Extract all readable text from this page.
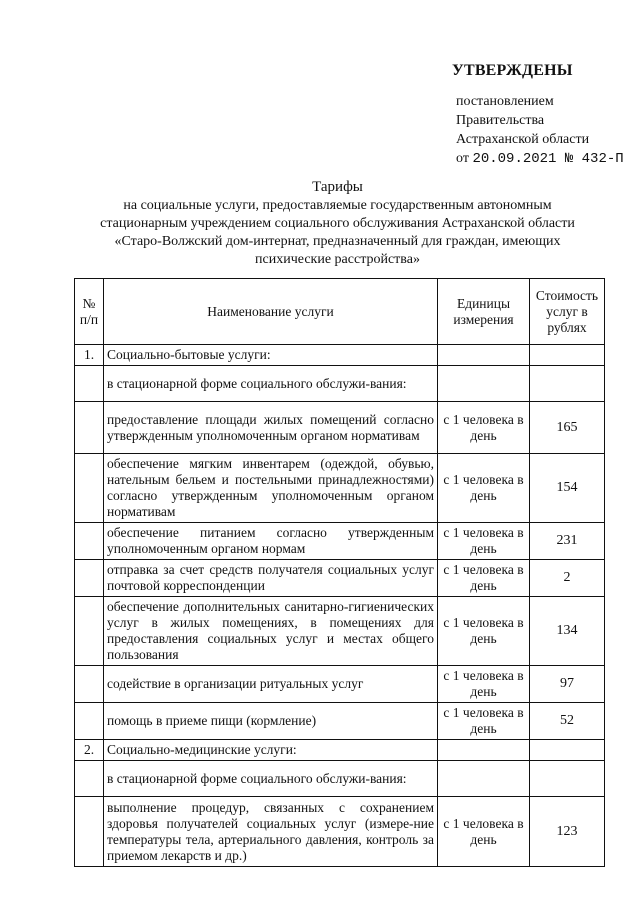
УТВЕРЖДЕНЫ
постановлением
Правительства
Астраханской области
от 20.09.2021 № 432-П
Тарифы
на социальные услуги, предоставляемые государственным автономным
стационарным учреждением социального обслуживания Астраханской области
«Старо-Волжский дом-интернат, предназначенный для граждан, имеющих
психические расстройства»
№ п/п	Наименование услуги	Единицы измерения	Стоимость услуг в рублях
1.	Социально-бытовые услуги:		
	в стационарной форме социального обслужи-вания:		
	предоставление площади жилых помещений согласно утвержденным уполномоченным органом нормативам	с 1 человека в день	165
	обеспечение мягким инвентарем (одеждой, обувью, нательным бельем и постельными принадлежностями) согласно утвержденным уполномоченным органом нормативам	с 1 человека в день	154
	обеспечение питанием согласно утвержденным уполномоченным органом нормам	с 1 человека в день	231
	отправка за счет средств получателя социальных услуг почтовой корреспонденции	с 1 человека в день	2
	обеспечение дополнительных санитарно-гигиенических услуг в жилых помещениях, в помещениях для предоставления социальных услуг и местах общего пользования	с 1 человека в день	134
	содействие в организации ритуальных услуг	с 1 человека в день	97
	помощь в приеме пищи (кормление)	с 1 человека в день	52
2.	Социально-медицинские услуги:		
	в стационарной форме социального обслужи-вания:		
	выполнение процедур, связанных с сохранением здоровья получателей социальных услуг (измере-ние температуры тела, артериального давления, контроль за приемом лекарств и др.)	с 1 человека в день	123
